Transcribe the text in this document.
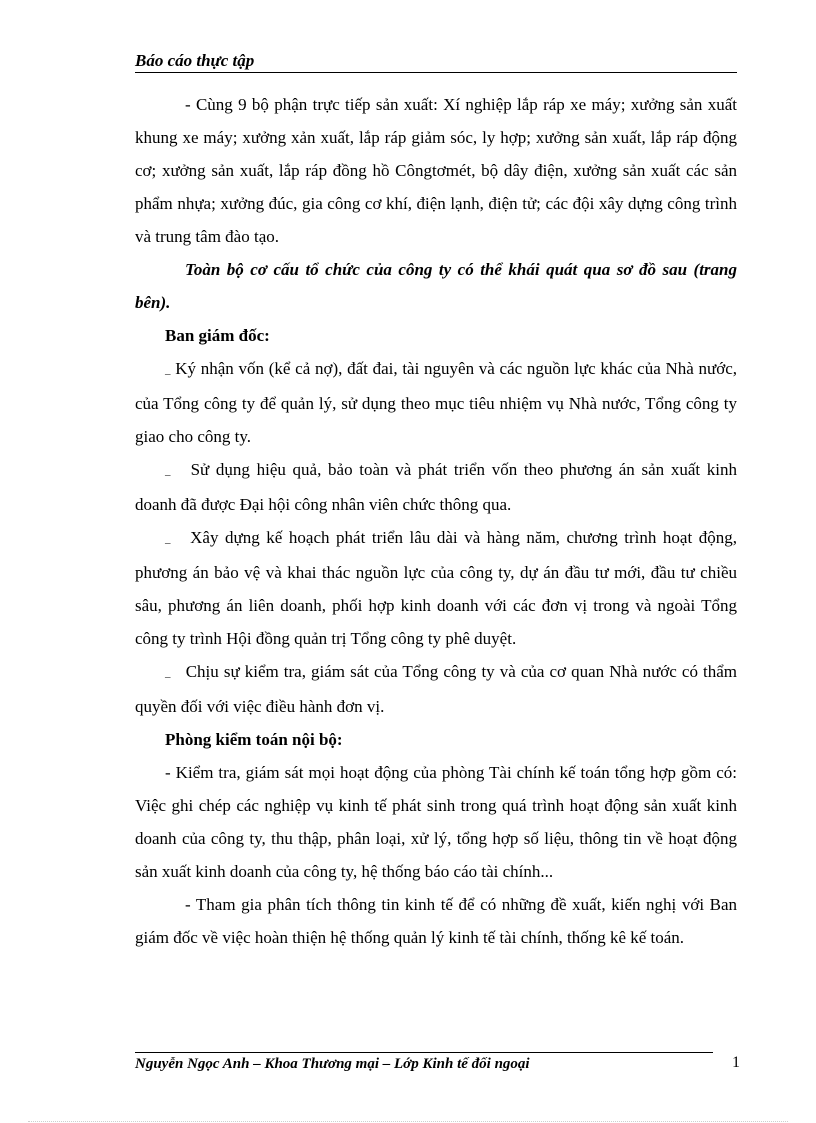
Báo cáo thực tập

- Cùng 9 bộ phận trực tiếp sản xuất: Xí nghiệp lắp ráp xe máy; xưởng sản xuất khung xe máy; xưởng xản xuất, lắp ráp giảm sóc, ly hợp; xưởng sản xuất, lắp ráp động cơ; xưởng sản xuất, lắp ráp đồng hồ Côngtơmét, bộ dây điện, xưởng sản xuất các sản phẩm nhựa; xưởng đúc, gia công cơ khí, điện lạnh, điện tử; các đội xây dựng công trình và trung tâm đào tạo.

Toàn bộ cơ cấu tổ chức của công ty có thể khái quát qua sơ đồ sau (trang bên).

Ban giám đốc:

_ Ký nhận vốn (kể cả nợ), đất đai, tài nguyên và các nguồn lực khác của Nhà nước, của Tổng công ty để quản lý, sử dụng theo mục tiêu nhiệm vụ Nhà nước, Tổng công ty giao cho công ty.

_ Sử dụng hiệu quả, bảo toàn và phát triển vốn theo phương án sản xuất kinh doanh đã được Đại hội công nhân viên chức thông qua.

_ Xây dựng kế hoạch phát triển lâu dài và hàng năm, chương trình hoạt động, phương án bảo vệ và khai thác nguồn lực của công ty, dự án đầu tư mới, đầu tư chiều sâu, phương án liên doanh, phối hợp kinh doanh với các đơn vị trong và ngoài Tổng công ty trình Hội đồng quản trị Tổng công ty phê duyệt.

_ Chịu sự kiểm tra, giám sát của Tổng công ty và của cơ quan Nhà nước có thẩm quyền đối với việc điều hành đơn vị.

Phòng kiểm toán nội bộ:

- Kiểm tra, giám sát mọi hoạt động của phòng Tài chính kế toán tổng hợp gồm có: Việc ghi chép các nghiệp vụ kinh tế phát sinh trong quá trình hoạt động sản xuất kinh doanh của công ty, thu thập, phân loại, xử lý, tổng hợp số liệu, thông tin về hoạt động sản xuất kinh doanh của công ty, hệ thống báo cáo tài chính...

- Tham gia phân tích thông tin kinh tế để có những đề xuất, kiến nghị với Ban giám đốc về việc hoàn thiện hệ thống quản lý kinh tế tài chính, thống kê kế toán.

Nguyễn Ngọc Anh – Khoa Thương mại – Lớp Kinh tế đối ngoại	1
